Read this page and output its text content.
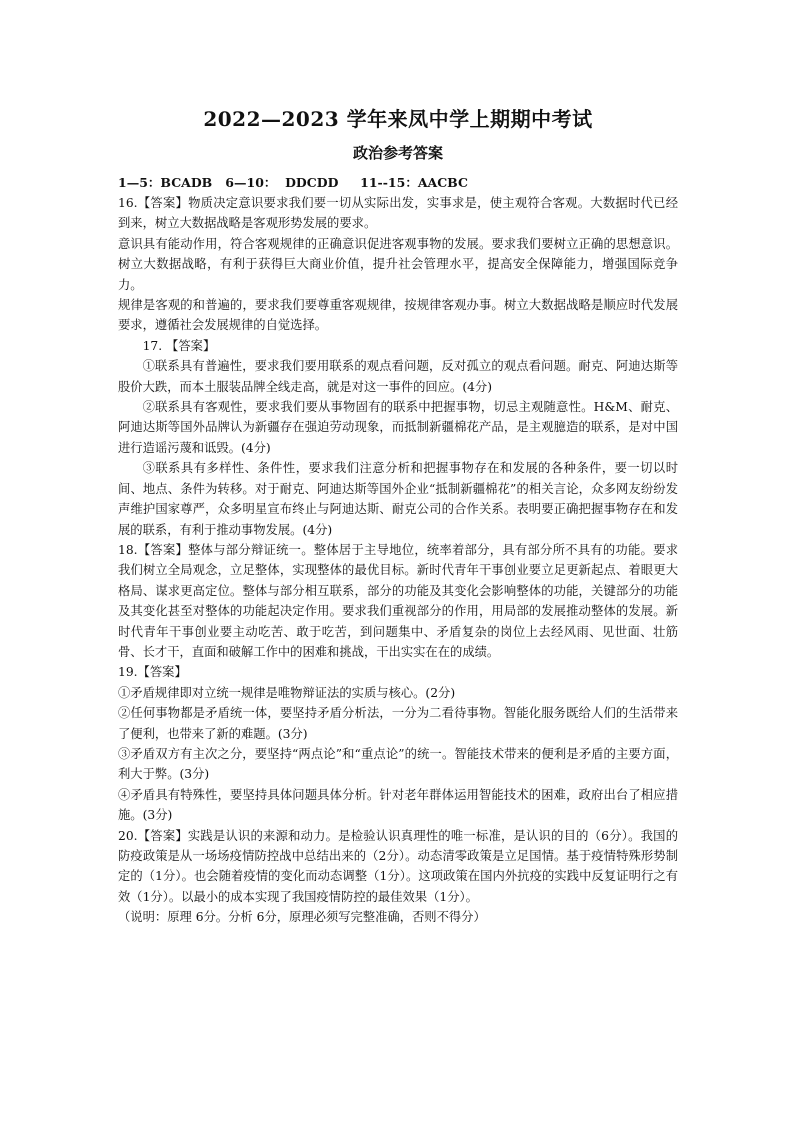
2022—2023 学年来凤中学上期期中考试
政治参考答案

1—5：BCADB   6—10：  DDCDD     11--15：AACBC

16.【答案】物质决定意识要求我们要一切从实际出发，实事求是，使主观符合客观。大数据时代已经到来，树立大数据战略是客观形势发展的要求。

意识具有能动作用，符合客观规律的正确意识促进客观事物的发展。要求我们要树立正确的思想意识。树立大数据战略，有利于获得巨大商业价值，提升社会管理水平，提高安全保障能力，增强国际竞争力。

规律是客观的和普遍的，要求我们要尊重客观规律，按规律客观办事。树立大数据战略是顺应时代发展要求，遵循社会发展规律的自觉选择。

17. 【答案】

①联系具有普遍性，要求我们要用联系的观点看问题，反对孤立的观点看问题。耐克、阿迪达斯等股价大跌，而本土服装品牌全线走高，就是对这一事件的回应。(4分)

②联系具有客观性，要求我们要从事物固有的联系中把握事物，切忌主观随意性。H&M、耐克、阿迪达斯等国外品牌认为新疆存在强迫劳动现象，而抵制新疆棉花产品，是主观臆造的联系，是对中国进行造谣污蔑和诋毁。(4分)

③联系具有多样性、条件性，要求我们注意分析和把握事物存在和发展的各种条件，要一切以时间、地点、条件为转移。对于耐克、阿迪达斯等国外企业“抵制新疆棉花”的相关言论，众多网友纷纷发声维护国家尊严，众多明星宣布终止与阿迪达斯、耐克公司的合作关系。表明要正确把握事物存在和发展的联系，有利于推动事物发展。(4分)

18.【答案】整体与部分辩证统一。整体居于主导地位，统率着部分，具有部分所不具有的功能。要求我们树立全局观念，立足整体，实现整体的最优目标。新时代青年干事创业要立足更新起点、着眼更大格局、谋求更高定位。整体与部分相互联系，部分的功能及其变化会影响整体的功能，关键部分的功能及其变化甚至对整体的功能起决定作用。要求我们重视部分的作用，用局部的发展推动整体的发展。新时代青年干事创业要主动吃苦、敢于吃苦，到问题集中、矛盾复杂的岗位上去经风雨、见世面、壮筋骨、长才干，直面和破解工作中的困难和挑战，干出实实在在的成绩。

19.【答案】

①矛盾规律即对立统一规律是唯物辩证法的实质与核心。(2分)

②任何事物都是矛盾统一体，要坚持矛盾分析法，一分为二看待事物。智能化服务既给人们的生活带来了便利，也带来了新的难题。(3分)

③矛盾双方有主次之分，要坚持“两点论”和“重点论”的统一。智能技术带来的便利是矛盾的主要方面，利大于弊。(3分)

④矛盾具有特殊性，要坚持具体问题具体分析。针对老年群体运用智能技术的困难，政府出台了相应措施。(3分)

20.【答案】实践是认识的来源和动力。是检验认识真理性的唯一标准，是认识的目的（6分）。我国的防疫政策是从一场场疫情防控战中总结出来的（2分）。动态清零政策是立足国情。基于疫情特殊形势制定的（1分）。也会随着疫情的变化而动态调整（1分）。这项政策在国内外抗疫的实践中反复证明行之有效（1分）。以最小的成本实现了我国疫情防控的最佳效果（1分）。

（说明：原理 6分。分析 6分，原理必须写完整准确，否则不得分）
